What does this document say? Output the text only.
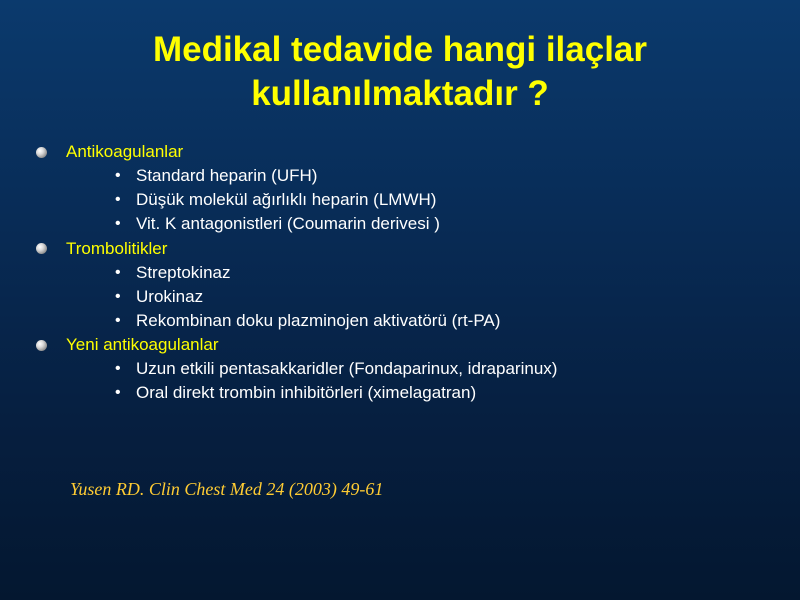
Medikal tedavide hangi ilaçlar
kullanılmaktadır ?
Antikoagulanlar
• Standard heparin (UFH)
• Düşük molekül ağırlıklı heparin (LMWH)
• Vit. K antagonistleri (Coumarin derivesi )
Trombolitikler
• Streptokinaz
• Urokinaz
• Rekombinan doku plazminojen aktivatörü (rt-PA)
Yeni antikoagulanlar
• Uzun etkili pentasakkaridler (Fondaparinux, idraparinux)
• Oral direkt trombin inhibitörleri (ximelagatran)
Yusen RD. Clin Chest Med 24 (2003) 49-61
